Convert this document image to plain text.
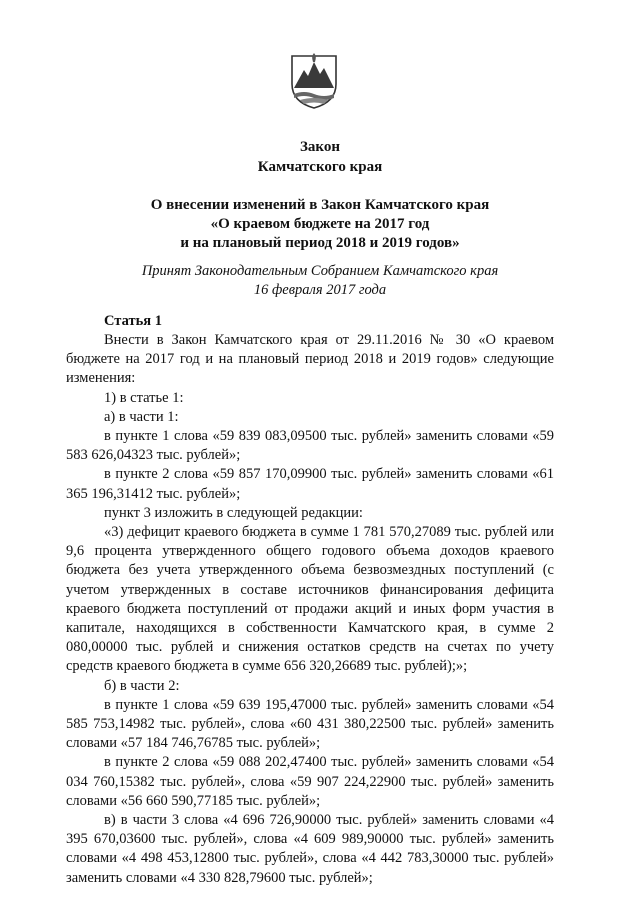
Закон
Камчатского края
О внесении изменений в Закон Камчатского края
«О краевом бюджете на 2017 год
и на плановый период 2018 и 2019 годов»
Принят Законодательным Собранием Камчатского края
16 февраля 2017 года
Статья 1

Внести в Закон Камчатского края от 29.11.2016 № 30 «О краевом бюджете на 2017 год и на плановый период 2018 и 2019 годов» следующие изменения:

1) в статье 1:

а) в части 1:

в пункте 1 слова «59 839 083,09500 тыс. рублей» заменить словами «59 583 626,04323 тыс. рублей»;

в пункте 2 слова «59 857 170,09900 тыс. рублей» заменить словами «61 365 196,31412 тыс. рублей»;

пункт 3 изложить в следующей редакции:

«3) дефицит краевого бюджета в сумме 1 781 570,27089 тыс. рублей или 9,6 процента утвержденного общего годового объема доходов краевого бюджета без учета утвержденного объема безвозмездных поступлений (с учетом утвержденных в составе источников финансирования дефицита краевого бюджета поступлений от продажи акций и иных форм участия в капитале, находящихся в собственности Камчатского края, в сумме 2 080,00000 тыс. рублей и снижения остатков средств на счетах по учету средств краевого бюджета в сумме 656 320,26689 тыс. рублей);»;

б) в части 2:

в пункте 1 слова «59 639 195,47000 тыс. рублей» заменить словами «54 585 753,14982 тыс. рублей», слова «60 431 380,22500 тыс. рублей» заменить словами «57 184 746,76785 тыс. рублей»;

в пункте 2 слова «59 088 202,47400 тыс. рублей» заменить словами «54 034 760,15382 тыс. рублей», слова «59 907 224,22900 тыс. рублей» заменить словами «56 660 590,77185 тыс. рублей»;

в) в части 3 слова «4 696 726,90000 тыс. рублей» заменить словами «4 395 670,03600 тыс. рублей», слова «4 609 989,90000 тыс. рублей» заменить словами «4 498 453,12800 тыс. рублей», слова «4 442 783,30000 тыс. рублей» заменить словами «4 330 828,79600 тыс. рублей»;
